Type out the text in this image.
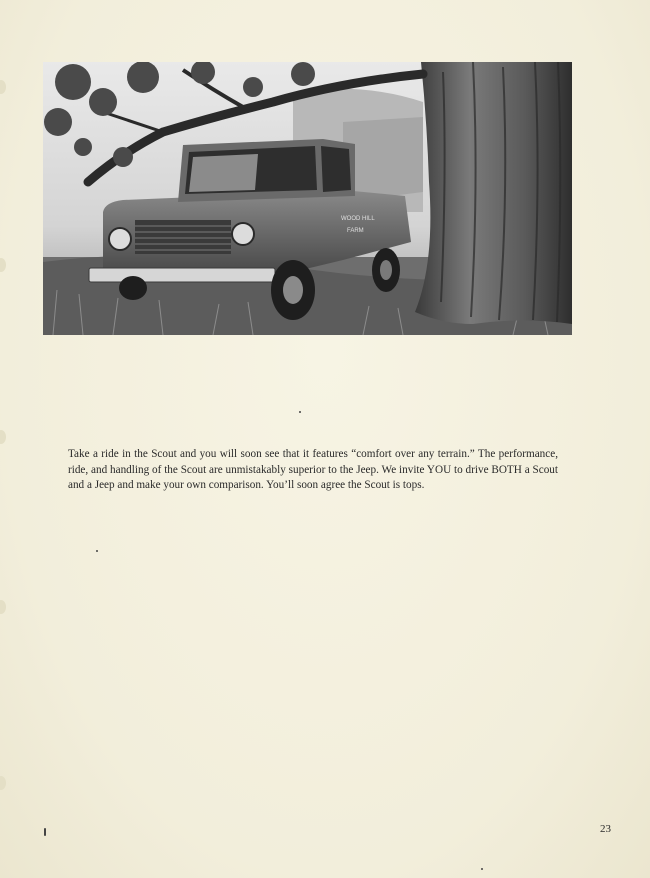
WOOD HILL
FARM

Take a ride in the Scout and you will soon see that it features “comfort over any terrain.” The performance, ride, and handling of the Scout are unmistakably superior to the Jeep. We invite YOU to drive BOTH a Scout and a Jeep and make your own comparison. You’ll soon agree the Scout is tops.

23
